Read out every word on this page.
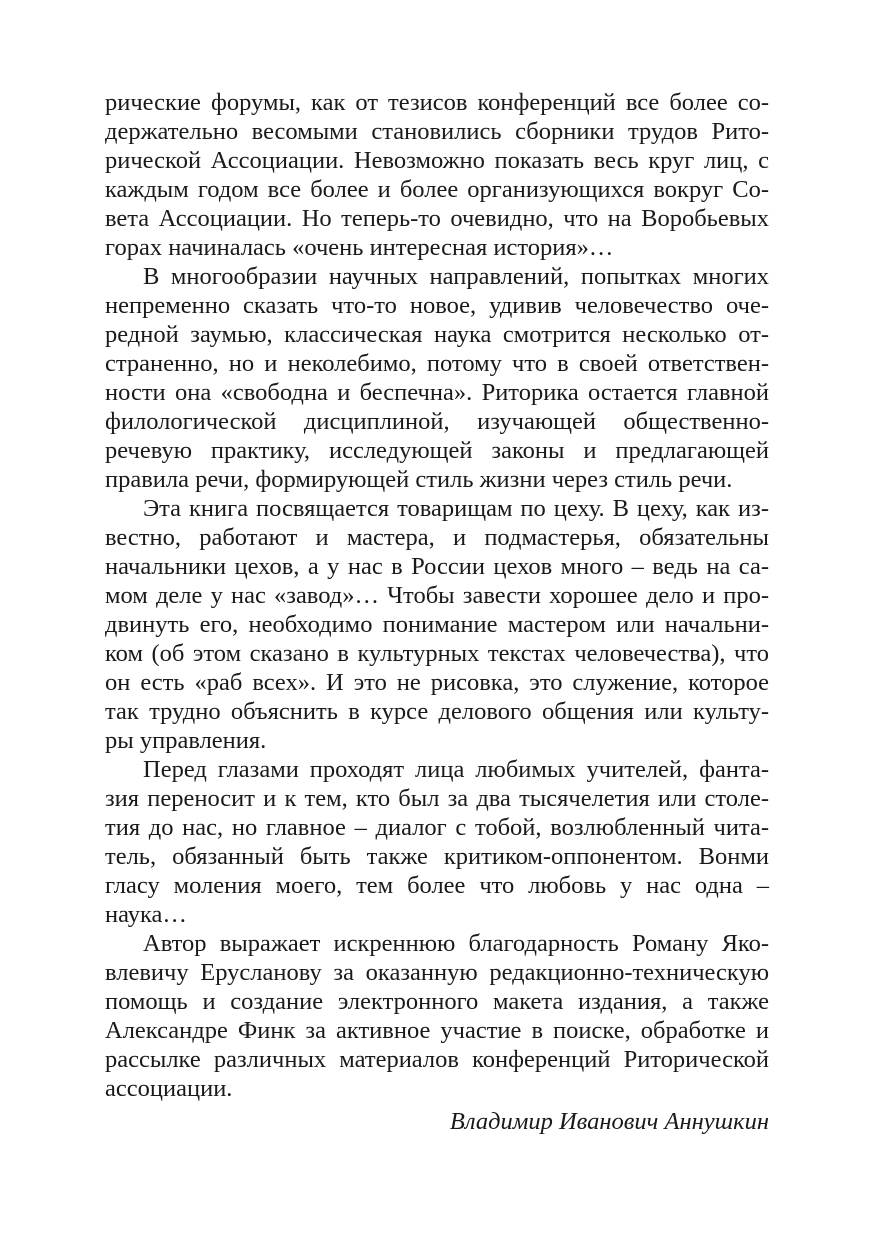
рические форумы, как от тезисов конференций все более со-
держательно весомыми становились сборники трудов Рито-
рической Ассоциации. Невозможно показать весь круг лиц, с
каждым годом все более и более организующихся вокруг Со-
вета Ассоциации. Но теперь-то очевидно, что на Воробьевых
горах начиналась «очень интересная история»…
В многообразии научных направлений, попытках многих
непременно сказать что-то новое, удивив человечество оче-
редной заумью, классическая наука смотрится несколько от-
страненно, но и неколебимо, потому что в своей ответствен-
ности она «свободна и беспечна». Риторика остается главной
филологической дисциплиной, изучающей общественно-
речевую практику, исследующей законы и предлагающей
правила речи, формирующей стиль жизни через стиль речи.
Эта книга посвящается товарищам по цеху. В цеху, как из-
вестно, работают и мастера, и подмастерья, обязательны
начальники цехов, а у нас в России цехов много – ведь на са-
мом деле у нас «завод»… Чтобы завести хорошее дело и про-
двинуть его, необходимо понимание мастером или начальни-
ком (об этом сказано в культурных текстах человечества), что
он есть «раб всех». И это не рисовка, это служение, которое
так трудно объяснить в курсе делового общения или культу-
ры управления.
Перед глазами проходят лица любимых учителей, фанта-
зия переносит и к тем, кто был за два тысячелетия или столе-
тия до нас, но главное – диалог с тобой, возлюбленный чита-
тель, обязанный быть также критиком-оппонентом. Вонми
гласу моления моего, тем более что любовь у нас одна –
наука…
Автор выражает искреннюю благодарность Роману Яко-
влевичу Ерусланову за оказанную редакционно-техническую
помощь и создание электронного макета издания, а также
Александре Финк за активное участие в поиске, обработке и
рассылке различных материалов конференций Риторической
ассоциации.
Владимир Иванович Аннушкин
